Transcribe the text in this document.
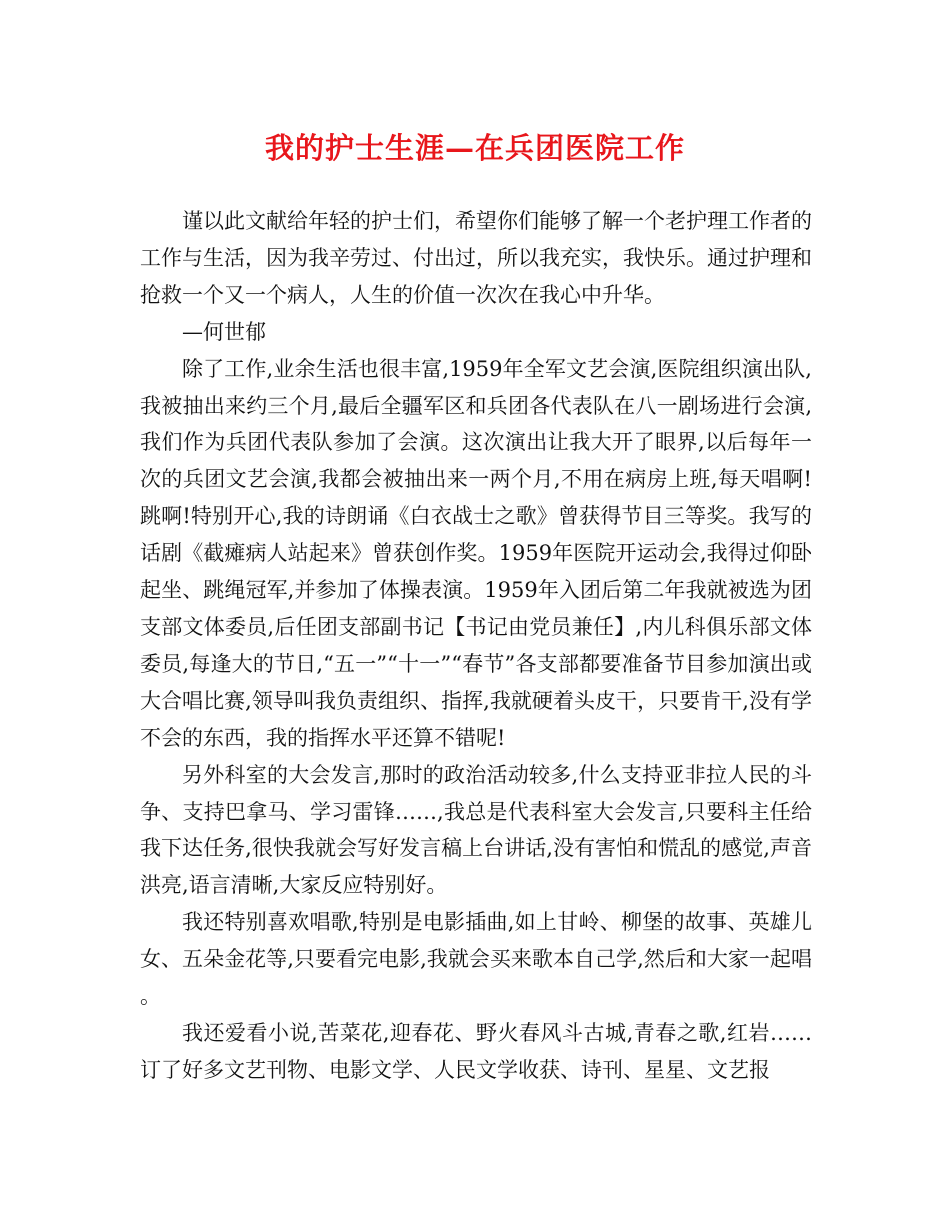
我的护士生涯—在兵团医院工作

谨以此文献给年轻的护士们，希望你们能够了解一个老护理工作者的工作与生活，因为我辛劳过、付出过，所以我充实，我快乐。通过护理和抢救一个又一个病人，人生的价值一次次在我心中升华。

—何世郁

除了工作,业余生活也很丰富,1959年全军文艺会演,医院组织演出队,我被抽出来约三个月,最后全疆军区和兵团各代表队在八一剧场进行会演,我们作为兵团代表队参加了会演。这次演出让我大开了眼界,以后每年一次的兵团文艺会演,我都会被抽出来一两个月,不用在病房上班,每天唱啊!跳啊!特别开心,我的诗朗诵《白衣战士之歌》曾获得节目三等奖。我写的话剧《截瘫病人站起来》曾获创作奖。1959年医院开运动会,我得过仰卧起坐、跳绳冠军,并参加了体操表演。1959年入团后第二年我就被选为团支部文体委员,后任团支部副书记【书记由党员兼任】,内儿科俱乐部文体委员,每逢大的节日,“五一”“十一”“春节”各支部都要准备节目参加演出或大合唱比赛,领导叫我负责组织、指挥,我就硬着头皮干，只要肯干,没有学不会的东西，我的指挥水平还算不错呢!

另外科室的大会发言,那时的政治活动较多,什么支持亚非拉人民的斗争、支持巴拿马、学习雷锋……,我总是代表科室大会发言,只要科主任给我下达任务,很快我就会写好发言稿上台讲话,没有害怕和慌乱的感觉,声音洪亮,语言清晰,大家反应特别好。

我还特别喜欢唱歌,特别是电影插曲,如上甘岭、柳堡的故事、英雄儿女、五朵金花等,只要看完电影,我就会买来歌本自己学,然后和大家一起唱。

我还爱看小说,苦菜花,迎春花、野火春风斗古城,青春之歌,红岩……订了好多文艺刊物、电影文学、人民文学收获、诗刊、星星、文艺报
